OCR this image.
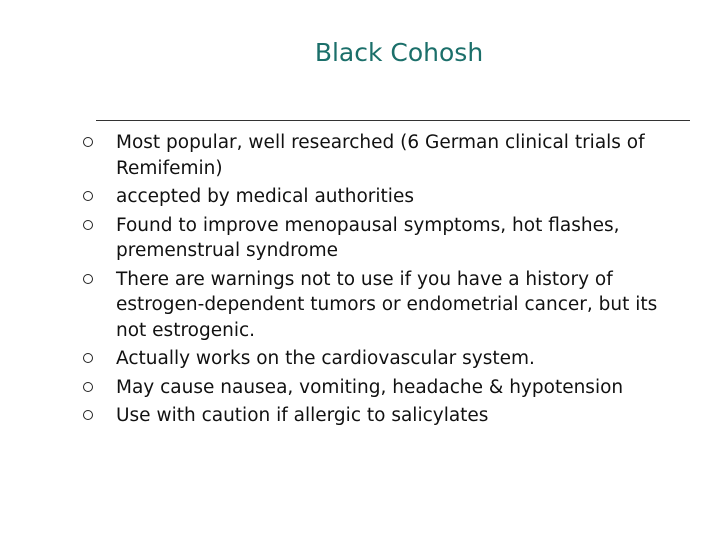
Black Cohosh
Most popular, well researched (6 German clinical trials of Remifemin)
accepted by medical authorities
Found to improve menopausal symptoms, hot flashes, premenstrual syndrome
There are warnings not to use if you have a history of estrogen-dependent tumors or endometrial cancer, but its not estrogenic.
Actually works on the cardiovascular system.
May cause nausea, vomiting, headache & hypotension
Use with caution if allergic to salicylates
